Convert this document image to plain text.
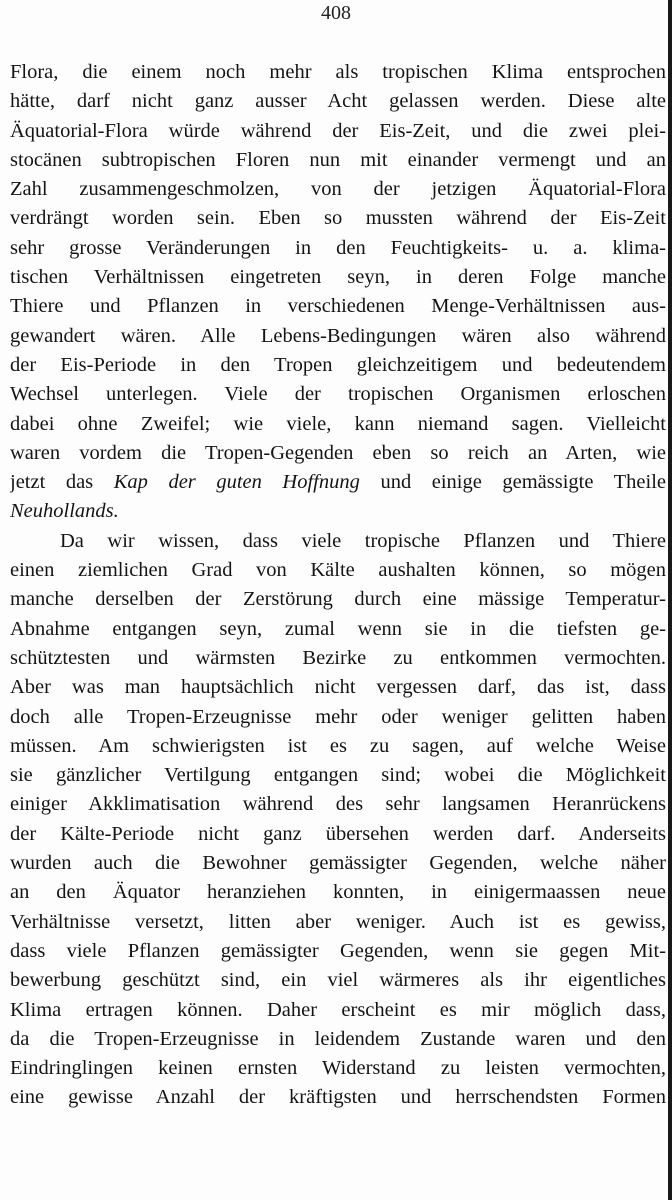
408
Flora, die einem noch mehr als tropischen Klima entsprochen
hätte, darf nicht ganz ausser Acht gelassen werden. Diese alte
Äquatorial-Flora würde während der Eis-Zeit, und die zwei plei-
stocänen subtropischen Floren nun mit einander vermengt und an
Zahl zusammengeschmolzen, von der jetzigen Äquatorial-Flora
verdrängt worden sein. Eben so mussten während der Eis-Zeit
sehr grosse Veränderungen in den Feuchtigkeits- u. a. klima-
tischen Verhältnissen eingetreten seyn, in deren Folge manche
Thiere und Pflanzen in verschiedenen Menge-Verhältnissen aus-
gewandert wären. Alle Lebens-Bedingungen wären also während
der Eis-Periode in den Tropen gleichzeitigem und bedeutendem
Wechsel unterlegen. Viele der tropischen Organismen erloschen
dabei ohne Zweifel; wie viele, kann niemand sagen. Vielleicht
waren vordem die Tropen-Gegenden eben so reich an Arten, wie
jetzt das Kap der guten Hoffnung und einige gemässigte Theile
Neuhollands.
Da wir wissen, dass viele tropische Pflanzen und Thiere
einen ziemlichen Grad von Kälte aushalten können, so mögen
manche derselben der Zerstörung durch eine mässige Temperatur-
Abnahme entgangen seyn, zumal wenn sie in die tiefsten ge-
schütztesten und wärmsten Bezirke zu entkommen vermochten.
Aber was man hauptsächlich nicht vergessen darf, das ist, dass
doch alle Tropen-Erzeugnisse mehr oder weniger gelitten haben
müssen. Am schwierigsten ist es zu sagen, auf welche Weise
sie gänzlicher Vertilgung entgangen sind; wobei die Möglichkeit
einiger Akklimatisation während des sehr langsamen Heranrückens
der Kälte-Periode nicht ganz übersehen werden darf. Anderseits
wurden auch die Bewohner gemässigter Gegenden, welche näher
an den Äquator heranziehen konnten, in einigermaassen neue
Verhältnisse versetzt, litten aber weniger. Auch ist es gewiss,
dass viele Pflanzen gemässigter Gegenden, wenn sie gegen Mit-
bewerbung geschützt sind, ein viel wärmeres als ihr eigentliches
Klima ertragen können. Daher erscheint es mir möglich dass,
da die Tropen-Erzeugnisse in leidendem Zustande waren und den
Eindringlingen keinen ernsten Widerstand zu leisten vermochten,
eine gewisse Anzahl der kräftigsten und herrschendsten Formen
